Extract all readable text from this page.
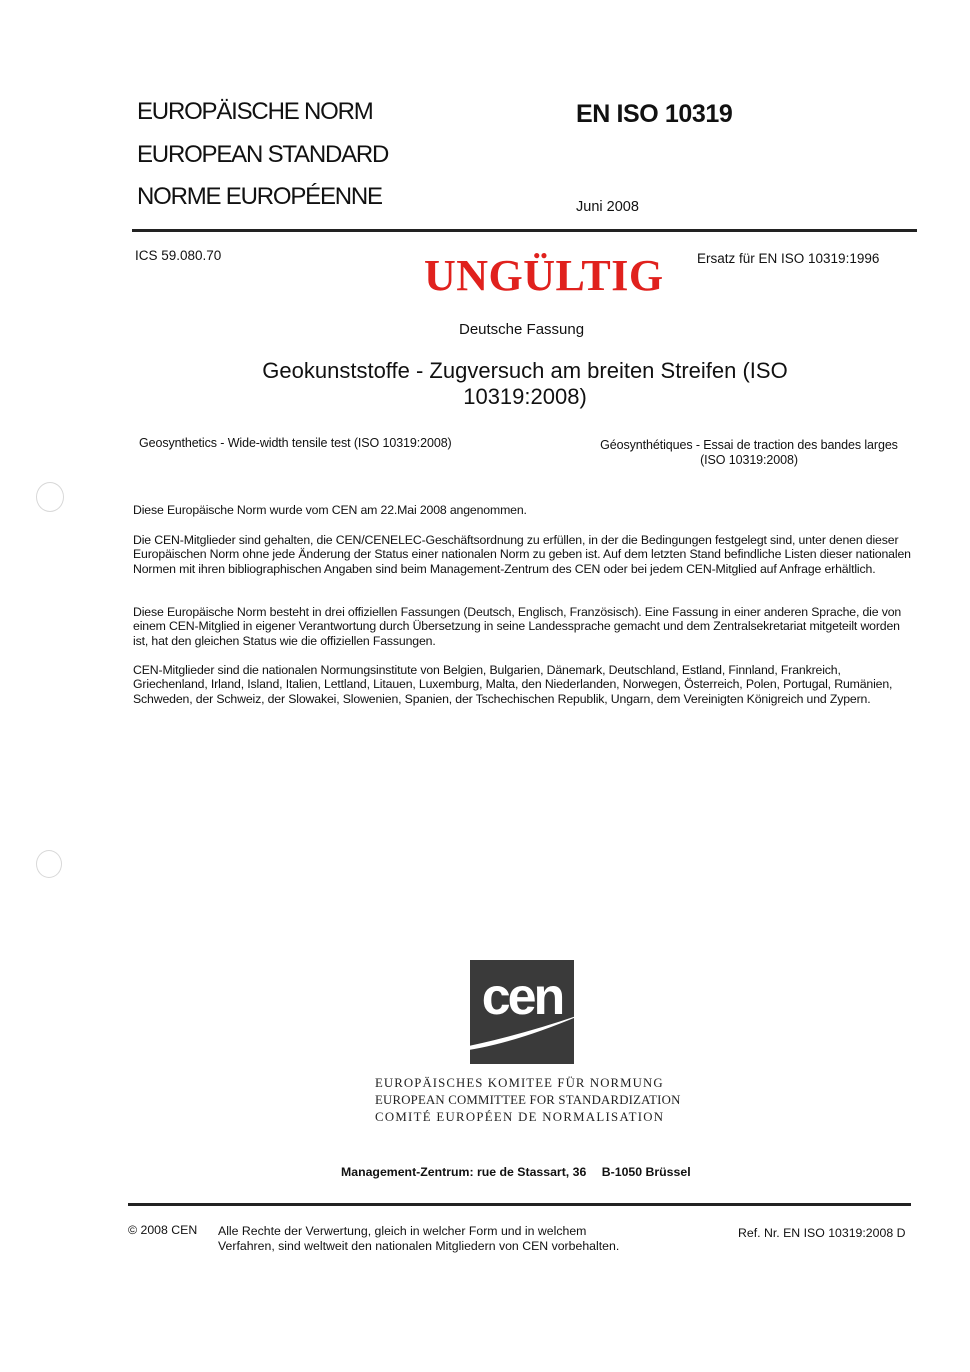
EUROPÄISCHE NORM
EUROPEAN STANDARD
NORME EUROPÉENNE
EN ISO 10319
Juni 2008
ICS 59.080.70	UNGÜLTIG Ersatz für EN ISO 10319:1996
Deutsche Fassung
Geokunststoffe - Zugversuch am breiten Streifen (ISO 10319:2008)
Geosynthetics - Wide-width tensile test (ISO 10319:2008)	Géosynthétiques - Essai de traction des bandes larges
(ISO 10319:2008)
Diese Europäische Norm wurde vom CEN am 22.Mai 2008 angenommen.
Die CEN-Mitglieder sind gehalten, die CEN/CENELEC-Geschäftsordnung zu erfüllen, in der die Bedingungen festgelegt sind, unter denen dieser Europäischen Norm ohne jede Änderung der Status einer nationalen Norm zu geben ist. Auf dem letzten Stand befindliche Listen dieser nationalen Normen mit ihren bibliographischen Angaben sind beim Management-Zentrum des CEN oder bei jedem CEN-Mitglied auf Anfrage erhältlich.
Diese Europäische Norm besteht in drei offiziellen Fassungen (Deutsch, Englisch, Französisch). Eine Fassung in einer anderen Sprache, die von einem CEN-Mitglied in eigener Verantwortung durch Übersetzung in seine Landessprache gemacht und dem Zentralsekretariat mitgeteilt worden ist, hat den gleichen Status wie die offiziellen Fassungen.
CEN-Mitglieder sind die nationalen Normungsinstitute von Belgien, Bulgarien, Dänemark, Deutschland, Estland, Finnland, Frankreich, Griechenland, Irland, Island, Italien, Lettland, Litauen, Luxemburg, Malta, den Niederlanden, Norwegen, Österreich, Polen, Portugal, Rumänien, Schweden, der Schweiz, der Slowakei, Slowenien, Spanien, der Tschechischen Republik, Ungarn, dem Vereinigten Königreich und Zypern.
cen
EUROPÄISCHES KOMITEE FÜR NORMUNG
EUROPEAN COMMITTEE FOR STANDARDIZATION
COMITÉ EUROPÉEN DE NORMALISATION
Management-Zentrum: rue de Stassart, 36 B-1050 Brüssel
© 2008 CEN Alle Rechte der Verwertung, gleich in welcher Form und in welchem Verfahren, sind weltweit den nationalen Mitgliedern von CEN vorbehalten.
Ref. Nr. EN ISO 10319:2008 D
